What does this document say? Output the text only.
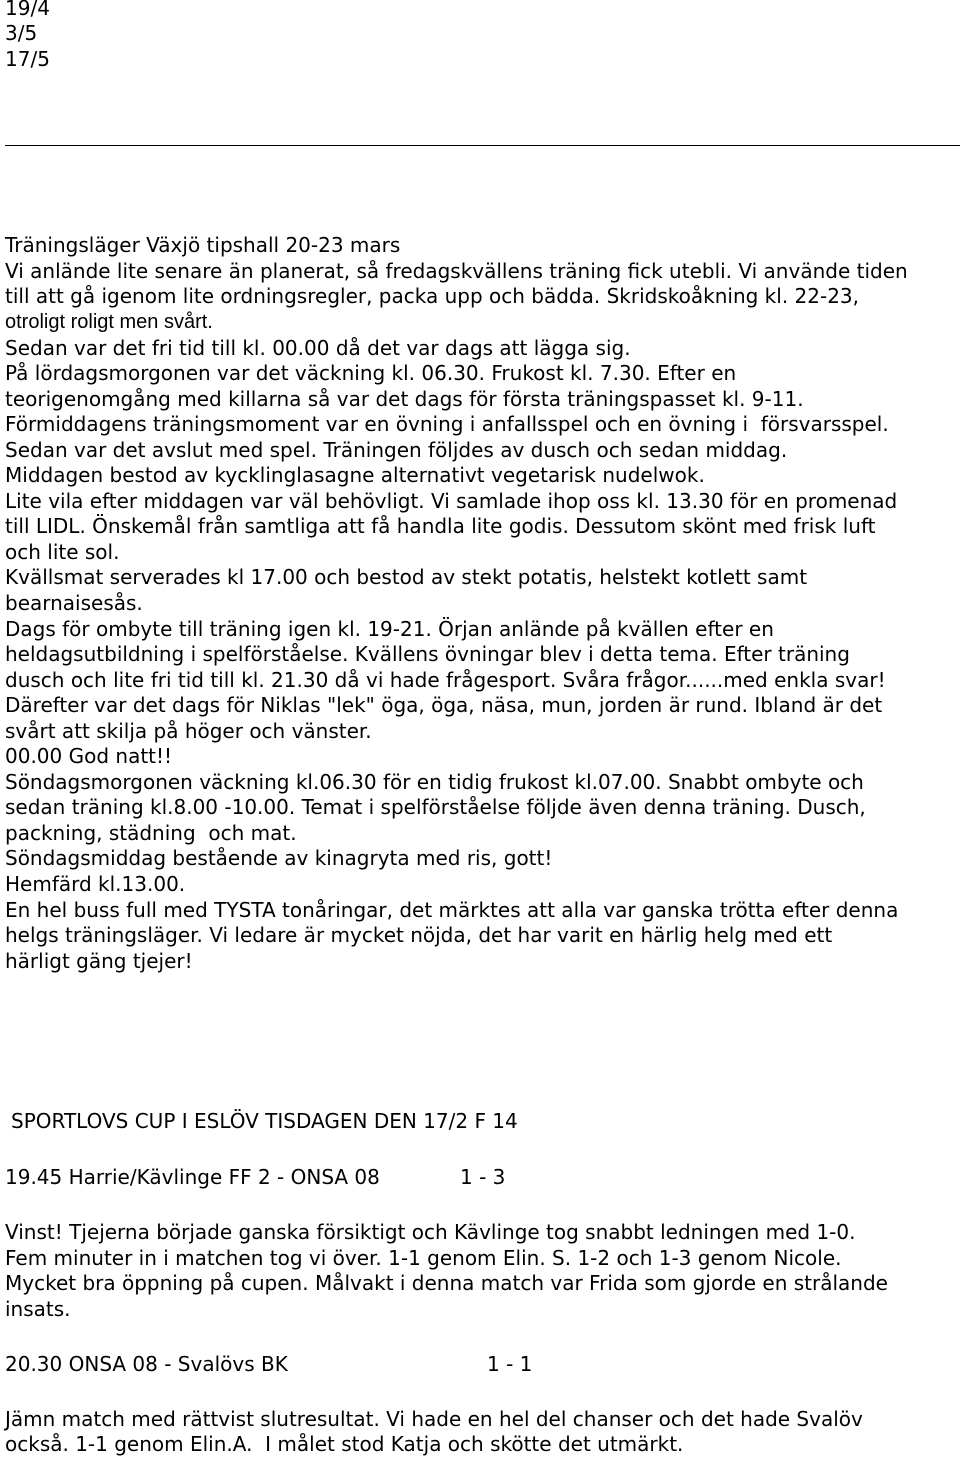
19/4
3/5
17/5
Träningsläger Växjö tipshall 20-23 mars
Vi anlände lite senare än planerat, så fredagskvällens träning fick utebli. Vi använde tiden
till att gå igenom lite ordningsregler, packa upp och bädda. Skridskoåkning kl. 22-23,
otroligt roligt men svårt.
Sedan var det fri tid till kl. 00.00 då det var dags att lägga sig.
På lördagsmorgonen var det väckning kl. 06.30. Frukost kl. 7.30. Efter en
teorigenomgång med killarna så var det dags för första träningspasset kl. 9-11.
Förmiddagens träningsmoment var en övning i anfallsspel och en övning i  försvarsspel.
Sedan var det avslut med spel. Träningen följdes av dusch och sedan middag.
Middagen bestod av kycklinglasagne alternativt vegetarisk nudelwok.
Lite vila efter middagen var väl behövligt. Vi samlade ihop oss kl. 13.30 för en promenad
till LIDL. Önskemål från samtliga att få handla lite godis. Dessutom skönt med frisk luft
och lite sol.
Kvällsmat serverades kl 17.00 och bestod av stekt potatis, helstekt kotlett samt
bearnaisesås.
Dags för ombyte till träning igen kl. 19-21. Örjan anlände på kvällen efter en
heldagsutbildning i spelförståelse. Kvällens övningar blev i detta tema. Efter träning
dusch och lite fri tid till kl. 21.30 då vi hade frågesport. Svåra frågor......med enkla svar!
Därefter var det dags för Niklas "lek" öga, öga, näsa, mun, jorden är rund. Ibland är det
svårt att skilja på höger och vänster.
00.00 God natt!!
Söndagsmorgonen väckning kl.06.30 för en tidig frukost kl.07.00. Snabbt ombyte och
sedan träning kl.8.00 -10.00. Temat i spelförståelse följde även denna träning. Dusch,
packning, städning  och mat.
Söndagsmiddag bestående av kinagryta med ris, gott!
Hemfärd kl.13.00.
En hel buss full med TYSTA tonåringar, det märktes att alla var ganska trötta efter denna
helgs träningsläger. Vi ledare är mycket nöjda, det har varit en härlig helg med ett
härligt gäng tjejer!
SPORTLOVS CUP I ESLÖV TISDAGEN DEN 17/2 F 14
19.45 Harrie/Kävlinge FF 2 - ONSA 08	1 - 3
Vinst! Tjejerna började ganska försiktigt och Kävlinge tog snabbt ledningen med 1-0.
Fem minuter in i matchen tog vi över. 1-1 genom Elin. S. 1-2 och 1-3 genom Nicole.
Mycket bra öppning på cupen. Målvakt i denna match var Frida som gjorde en strålande
insats.
20.30 ONSA 08 - Svalövs BK	1 - 1
Jämn match med rättvist slutresultat. Vi hade en hel del chanser och det hade Svalöv
också. 1-1 genom Elin.A.  I målet stod Katja och skötte det utmärkt.
